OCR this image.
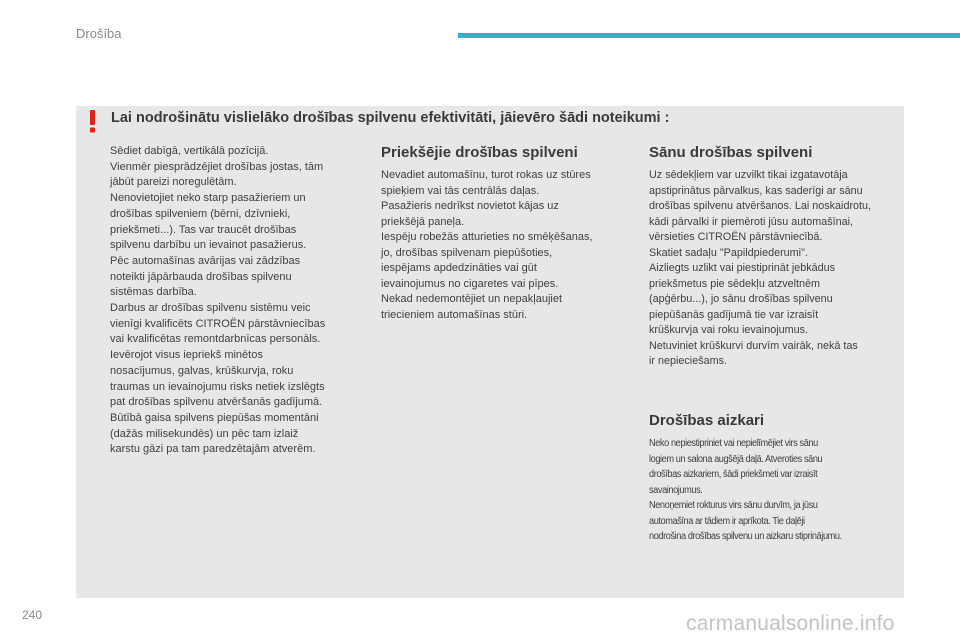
Drošība
Lai nodrošinātu vislielāko drošības spilvenu efektivitāti, jāievēro šādi noteikumi :

Sēdiet dabīgā, vertikālā pozīcijā.
Vienmēr piesprādzējiet drošības jostas, tām
jābūt pareizi noregulētām.
Nenovietojiet neko starp pasažieriem un
drošības spilveniem (bērni, dzīvnieki,
priekšmeti...). Tas var traucēt drošības
spilvenu darbību un ievainot pasažierus.
Pēc automašīnas avārijas vai zādzības
noteikti jāpārbauda drošības spilvenu
sistēmas darbība.
Darbus ar drošības spilvenu sistēmu veic
vienīgi kvalificēts CITROËN pārstāvniecības
vai kvalificētas remontdarbnīcas personāls.
Ievērojot visus iepriekš minētos
nosacījumus, galvas, krūškurvja, roku
traumas un ievainojumu risks netiek izslēgts
pat drošības spilvenu atvēršanās gadījumā.
Būtībā gaisa spilvens piepūšas momentāni
(dažās milisekundēs) un pēc tam izlaiž
karstu gāzi pa tam paredzētajām atverēm.

Priekšējie drošības spilveni

Nevadiet automašīnu, turot rokas uz stūres
spieķiem vai tās centrālās daļas.
Pasažieris nedrīkst novietot kājas uz
priekšējā paneļa.
Iespēju robežās atturieties no smēķēšanas,
jo, drošības spilvenam piepūšoties,
iespējams apdedzināties vai gūt
ievainojumus no cigaretes vai pīpes.
Nekad nedemontējiet un nepakļaujiet
triecieniem automašīnas stūri.

Sānu drošības spilveni

Uz sēdekļiem var uzvilkt tikai izgatavotāja
apstiprinātus pārvalkus, kas saderīgi ar sānu
drošības spilvenu atvēršanos. Lai noskaidrotu,
kādi pārvalki ir piemēroti jūsu automašīnai,
vērsieties CITROËN pārstāvniecībā.
Skatiet sadaļu "Papildpiederumi".
Aizliegts uzlikt vai piestiprināt jebkādus
priekšmetus pie sēdekļu atzveltnēm
(apģērbu...), jo sānu drošības spilvenu
piepūšanās gadījumā tie var izraisīt
krūškurvja vai roku ievainojumus.
Netuviniet krūškurvi durvīm vairāk, nekā tas
ir nepieciešams.

Drošības aizkari

Neko nepiestipriniet vai nepielīmējiet virs sānu
logiem un salona augšējā daļā. Atveroties sānu
drošības aizkariem, šādi priekšmeti var izraisīt
savainojumus.
Nenoņemiet rokturus virs sānu durvīm, ja jūsu
automašīna ar tādiem ir aprīkota. Tie daļēji
nodrošina drošības spilvenu un aizkaru stiprinājumu.

240	carmanualsonline.info
